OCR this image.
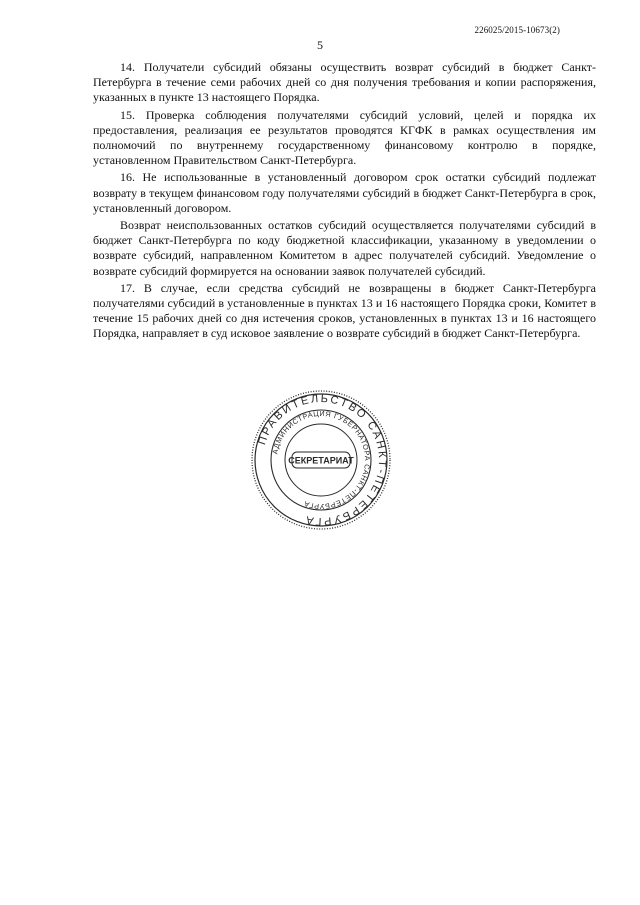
226025/2015-10673(2)
5

14. Получатели субсидий обязаны осуществить возврат субсидий в бюджет Санкт-Петербурга в течение семи рабочих дней со дня получения требования и копии распоряжения, указанных в пункте 13 настоящего Порядка.

15. Проверка соблюдения получателями субсидий условий, целей и порядка их предоставления, реализация ее результатов проводятся КГФК в рамках осуществления им полномочий по внутреннему государственному финансовому контролю в порядке, установленном Правительством Санкт-Петербурга.

16. Не использованные в установленный договором срок остатки субсидий подлежат возврату в текущем финансовом году получателями субсидий в бюджет Санкт-Петербурга в срок, установленный договором.

Возврат неиспользованных остатков субсидий осуществляется получателями субсидий в бюджет Санкт-Петербурга по коду бюджетной классификации, указанному в уведомлении о возврате субсидий, направленном Комитетом в адрес получателей субсидий. Уведомление о возврате субсидий формируется на основании заявок получателей субсидий.

17. В случае, если средства субсидий не возвращены в бюджет Санкт-Петербурга получателями субсидий в установленные в пунктах 13 и 16 настоящего Порядка сроки, Комитет в течение 15 рабочих дней со дня истечения сроков, установленных в пунктах 13 и 16 настоящего Порядка, направляет в суд исковое заявление о возврате субсидий в бюджет Санкт-Петербурга.

ПРАВИТЕЛЬСТВО САНКТ-ПЕТЕРБУРГА
АДМИНИСТРАЦИЯ ГУБЕРНАТОРА САНКТ-ПЕТЕРБУРГА
СЕКРЕТАРИАТ
